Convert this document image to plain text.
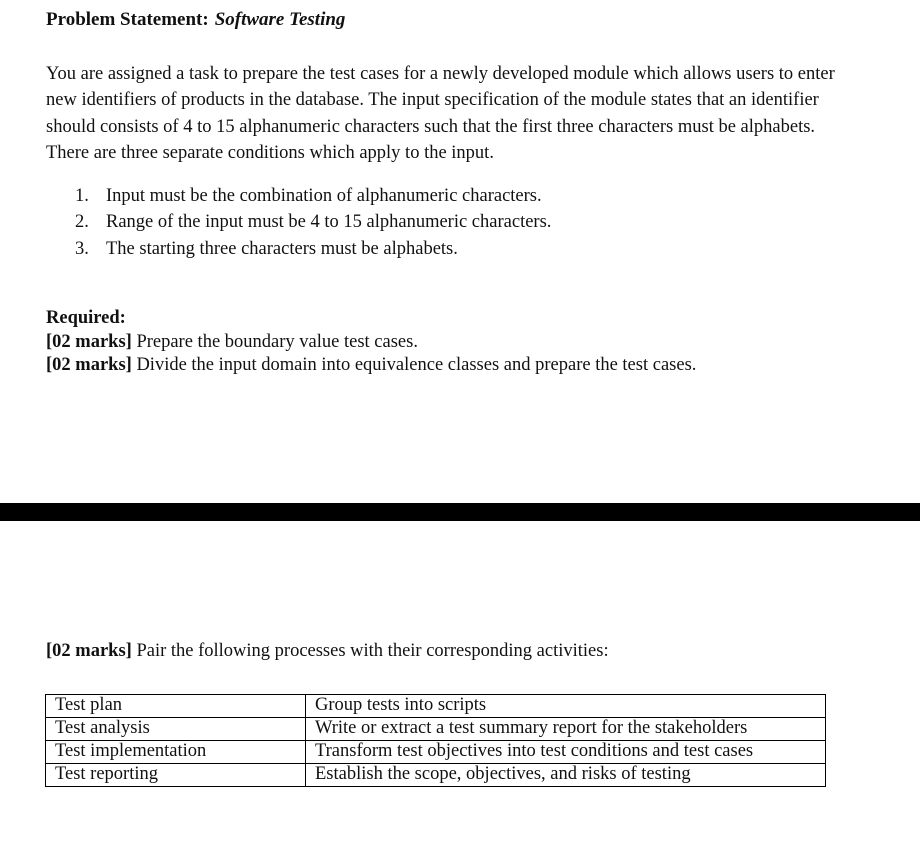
Problem Statement: Software Testing

You are assigned a task to prepare the test cases for a newly developed module which allows users to enter new identifiers of products in the database. The input specification of the module states that an identifier should consists of 4 to 15 alphanumeric characters such that the first three characters must be alphabets. There are three separate conditions which apply to the input.

1. Input must be the combination of alphanumeric characters.
2. Range of the input must be 4 to 15 alphanumeric characters.
3. The starting three characters must be alphabets.
Required:
[02 marks] Prepare the boundary value test cases.
[02 marks] Divide the input domain into equivalence classes and prepare the test cases.
[02 marks] Pair the following processes with their corresponding activities:
Test plan	Group tests into scripts
Test analysis	Write or extract a test summary report for the stakeholders
Test implementation	Transform test objectives into test conditions and test cases
Test reporting	Establish the scope, objectives, and risks of testing
